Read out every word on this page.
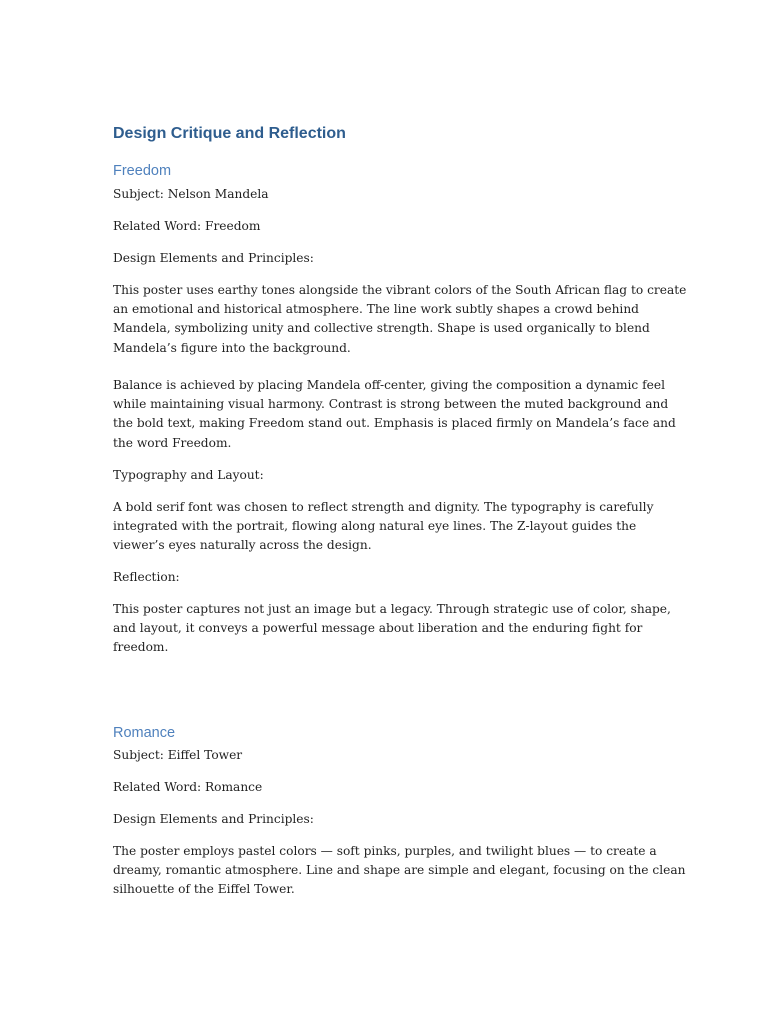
Design Critique and Reflection
Freedom

Subject: Nelson Mandela

Related Word: Freedom

Design Elements and Principles:

This poster uses earthy tones alongside the vibrant colors of the South African flag to create
an emotional and historical atmosphere. The line work subtly shapes a crowd behind
Mandela, symbolizing unity and collective strength. Shape is used organically to blend
Mandela’s figure into the background.

Balance is achieved by placing Mandela off-center, giving the composition a dynamic feel
while maintaining visual harmony. Contrast is strong between the muted background and
the bold text, making Freedom stand out. Emphasis is placed firmly on Mandela’s face and
the word Freedom.

Typography and Layout:

A bold serif font was chosen to reflect strength and dignity. The typography is carefully
integrated with the portrait, flowing along natural eye lines. The Z-layout guides the
viewer’s eyes naturally across the design.

Reflection:

This poster captures not just an image but a legacy. Through strategic use of color, shape,
and layout, it conveys a powerful message about liberation and the enduring fight for
freedom.

Romance

Subject: Eiffel Tower

Related Word: Romance

Design Elements and Principles:

The poster employs pastel colors — soft pinks, purples, and twilight blues — to create a
dreamy, romantic atmosphere. Line and shape are simple and elegant, focusing on the clean
silhouette of the Eiffel Tower.
